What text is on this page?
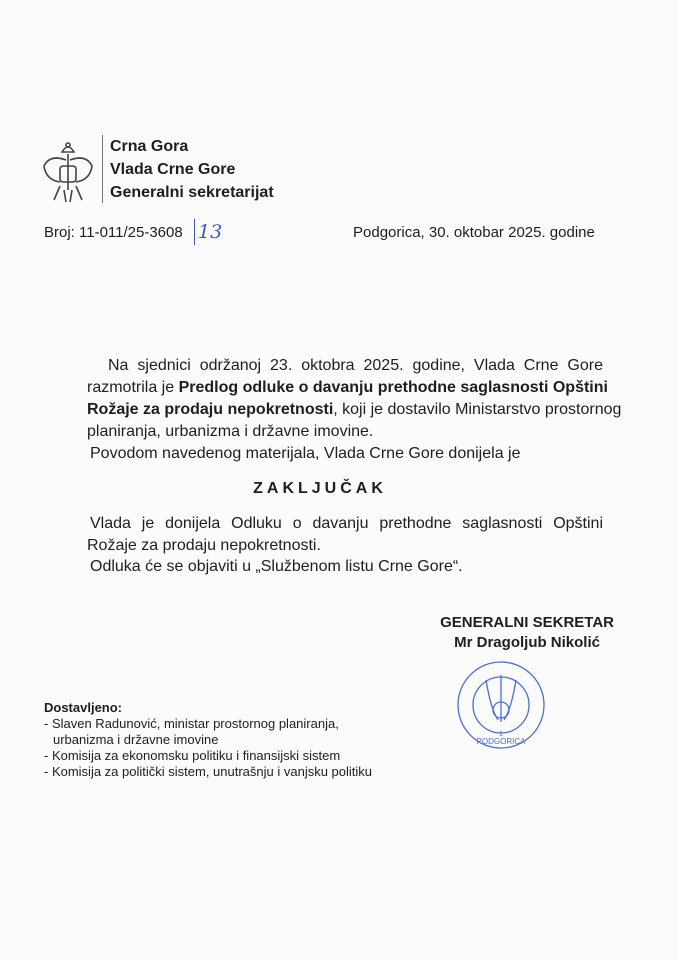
Crna Gora
Vlada Crne Gore
Generalni sekretarijat
Broj: 11-011/25-3608 13	Podgorica, 30. oktobar 2025. godine
Na sjednici održanoj 23. oktobra 2025. godine, Vlada Crne Gore
razmotrila je Predlog odluke o davanju prethodne saglasnosti Opštini
Rožaje za prodaju nepokretnosti, koji je dostavilo Ministarstvo prostornog
planiranja, urbanizma i državne imovine.
Povodom navedenog materijala, Vlada Crne Gore donijela je
ZAKLJUČAK
Vlada je donijela Odluku o davanju prethodne saglasnosti Opštini
Rožaje za prodaju nepokretnosti.
Odluka će se objaviti u „Službenom listu Crne Gore“.
GENERALNI SEKRETAR
Mr Dragoljub Nikolić
PODGORICA
1
Dostavljeno:
- Slaven Radunović, ministar prostornog planiranja,
urbanizma i državne imovine
- Komisija za ekonomsku politiku i finansijski sistem
- Komisija za politički sistem, unutrašnju i vanjsku politiku
